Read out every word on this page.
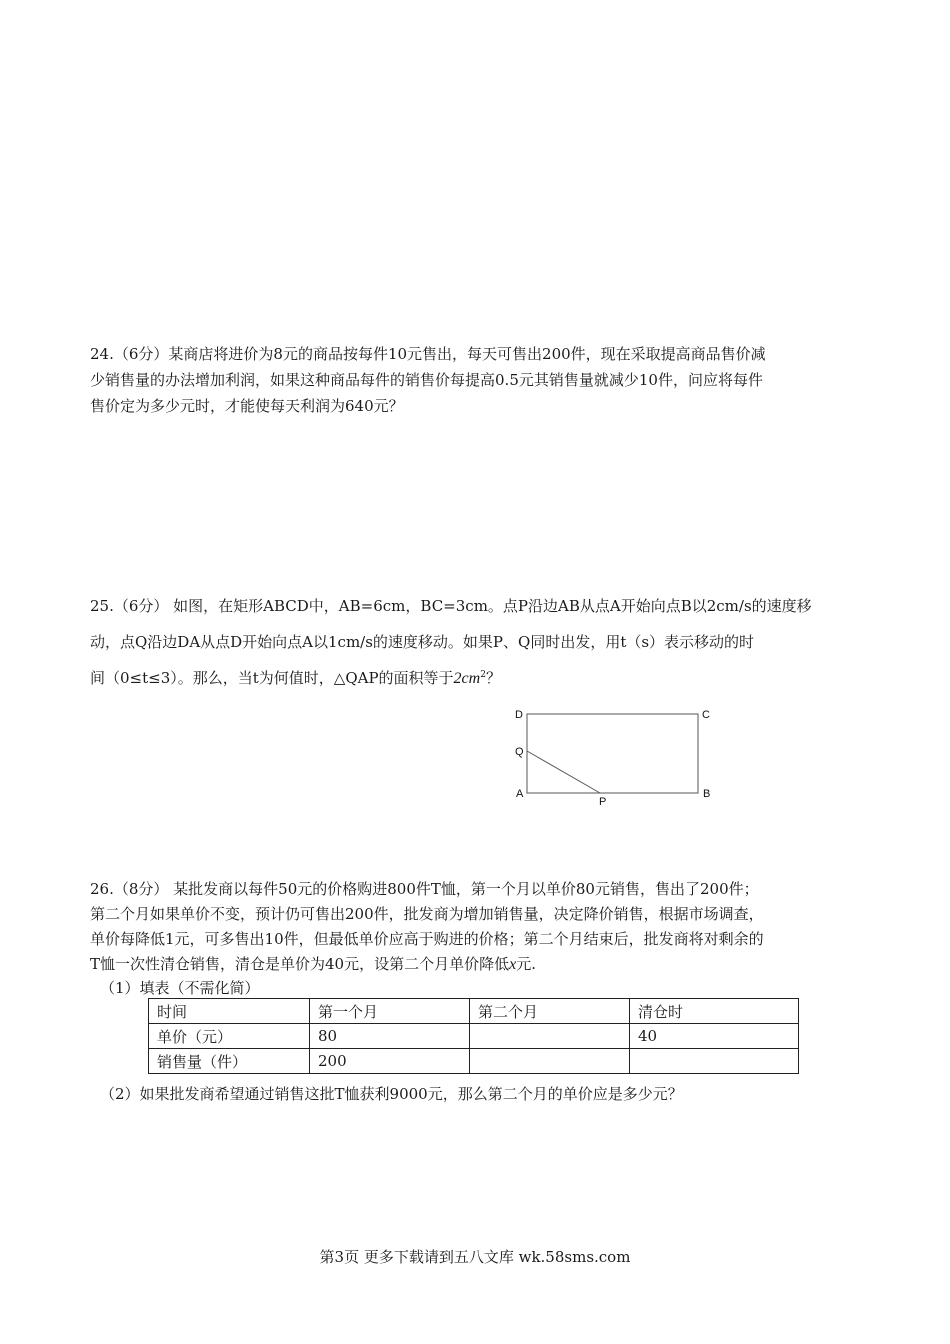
24.（6分）某商店将进价为8元的商品按每件10元售出，每天可售出200件，现在采取提高商品售价减
少销售量的办法增加利润，如果这种商品每件的销售价每提高0.5元其销售量就减少10件，问应将每件
售价定为多少元时，才能使每天利润为640元？
25.（6分） 如图，在矩形ABCD中，AB=6cm，BC=3cm。点P沿边AB从点A开始向点B以2cm/s的速度移
动，点Q沿边DA从点D开始向点A以1cm/s的速度移动。如果P、Q同时出发，用t（s）表示移动的时
间（0≤t≤3）。那么，当t为何值时，△QAP的面积等于$2cm^2$？
D	C
Q
A
P
B
26.（8分） 某批发商以每件50元的价格购进800件T恤，第一个月以单价80元销售，售出了200件；
第二个月如果单价不变，预计仍可售出200件，批发商为增加销售量，决定降价销售，根据市场调查，
单价每降低1元，可多售出10件，但最低单价应高于购进的价格；第二个月结束后，批发商将对剩余的
T恤一次性清仓销售，清仓是单价为40元，设第二个月单价降低x元.
（1）填表（不需化简）
时间	第一个月	第二个月	清仓时
单价（元）	80		40
销售量（件）	200		
（2）如果批发商希望通过销售这批T恤获利9000元，那么第二个月的单价应是多少元？
第3页 更多下载请到五八文库 wk.58sms.com
